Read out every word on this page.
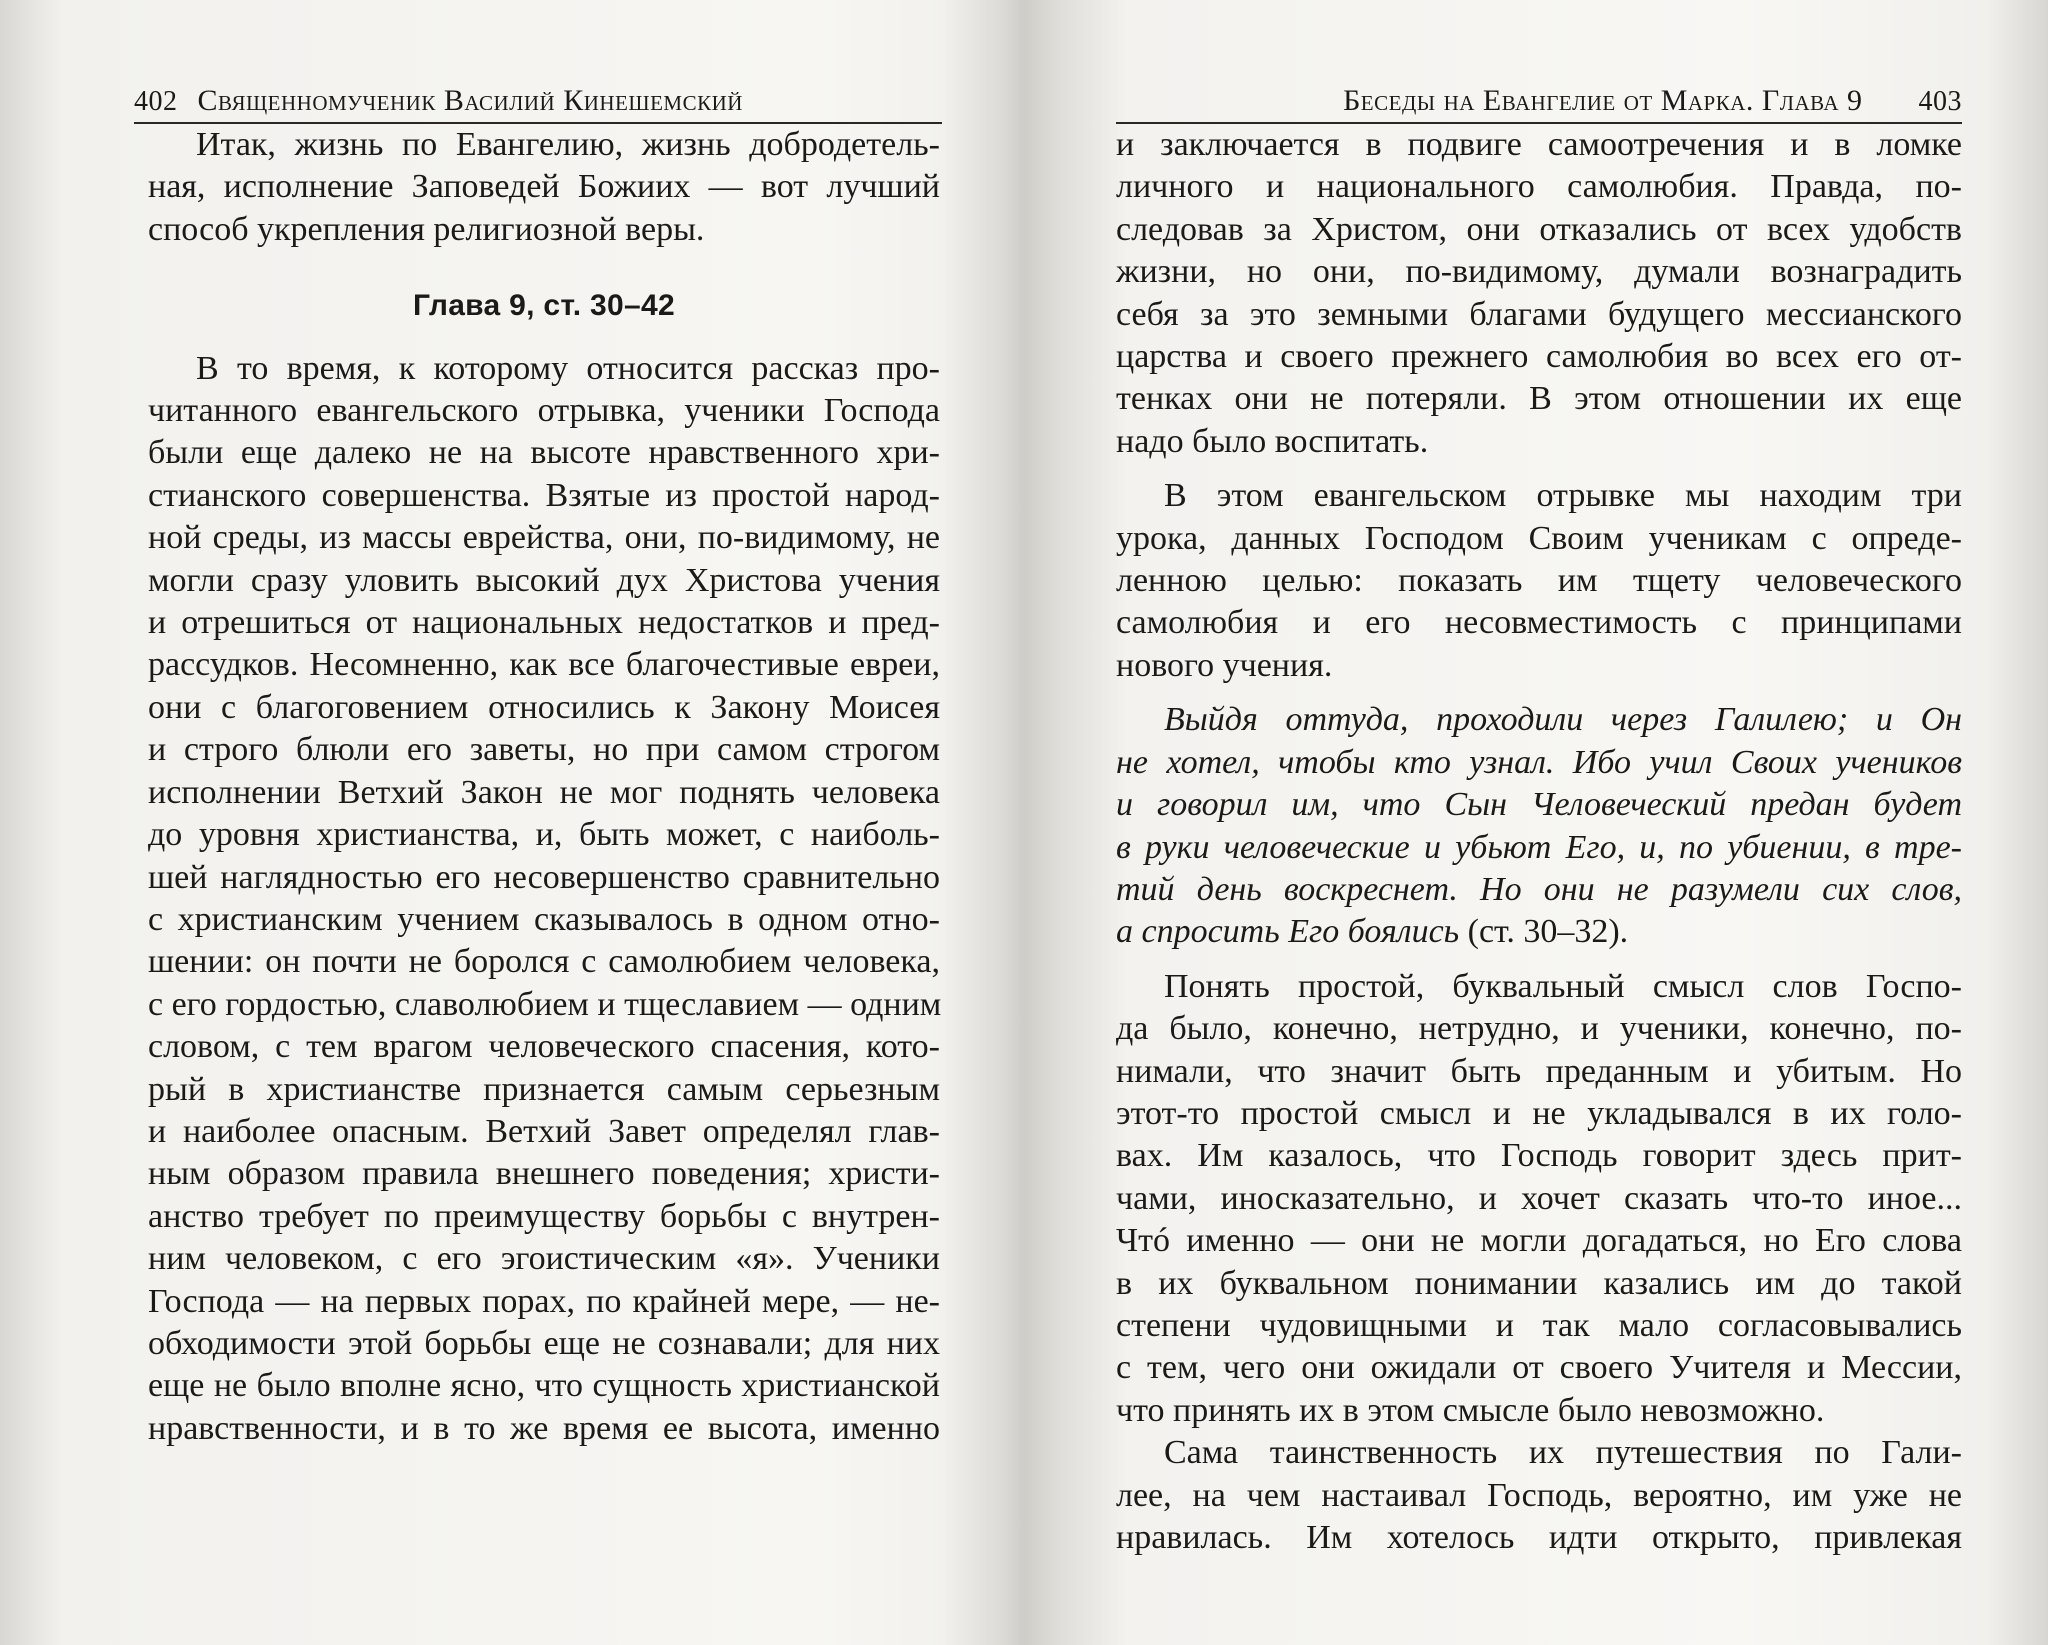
402 Священномученик Василий Кинешемский
Итак, жизнь по Евангелию, жизнь добродетель-
ная, исполнение Заповедей Божиих — вот лучший
способ укрепления религиозной веры.
Глава 9, ст. 30–42
В то время, к которому относится рассказ про-
читанного евангельского отрывка, ученики Господа
были еще далеко не на высоте нравственного хри-
стианского совершенства. Взятые из простой народ-
ной среды, из массы еврейства, они, по-видимому, не
могли сразу уловить высокий дух Христова учения
и отрешиться от национальных недостатков и пред-
рассудков. Несомненно, как все благочестивые евреи,
они с благоговением относились к Закону Моисея
и строго блюли его заветы, но при самом строгом
исполнении Ветхий Закон не мог поднять человека
до уровня христианства, и, быть может, с наиболь-
шей наглядностью его несовершенство сравнительно
с христианским учением сказывалось в одном отно-
шении: он почти не боролся с самолюбием человека,
с его гордостью, славолюбием и тщеславием — одним
словом, с тем врагом человеческого спасения, кото-
рый в христианстве признается самым серьезным
и наиболее опасным. Ветхий Завет определял глав-
ным образом правила внешнего поведения; христи-
анство требует по преимуществу борьбы с внутрен-
ним человеком, с его эгоистическим «я». Ученики
Господа — на первых порах, по крайней мере, — не-
обходимости этой борьбы еще не сознавали; для них
еще не было вполне ясно, что сущность христианской
нравственности, и в то же время ее высота, именно
Беседы на Евангелие от Марка. Глава 9 403
и заключается в подвиге самоотречения и в ломке
личного и национального самолюбия. Правда, по-
следовав за Христом, они отказались от всех удобств
жизни, но они, по-видимому, думали вознаградить
себя за это земными благами будущего мессианского
царства и своего прежнего самолюбия во всех его от-
тенках они не потеряли. В этом отношении их еще
надо было воспитать.
В этом евангельском отрывке мы находим три
урока, данных Господом Своим ученикам с опреде-
ленною целью: показать им тщету человеческого
самолюбия и его несовместимость с принципами
нового учения.
Выйдя оттуда, проходили через Галилею; и Он
не хотел, чтобы кто узнал. Ибо учил Своих учеников
и говорил им, что Сын Человеческий предан будет
в руки человеческие и убьют Его, и, по убиении, в тре-
тий день воскреснет. Но они не разумели сих слов,
а спросить Его боялись (ст. 30–32).
Понять простой, буквальный смысл слов Госпо-
да было, конечно, нетрудно, и ученики, конечно, по-
нимали, что значит быть преданным и убитым. Но
этот-то простой смысл и не укладывался в их голо-
вах. Им казалось, что Господь говорит здесь прит-
чами, иносказательно, и хочет сказать что-то иное...
Чтó именно — они не могли догадаться, но Его слова
в их буквальном понимании казались им до такой
степени чудовищными и так мало согласовывались
с тем, чего они ожидали от своего Учителя и Мессии,
что принять их в этом смысле было невозможно.
Сама таинственность их путешествия по Гали-
лее, на чем настаивал Господь, вероятно, им уже не
нравилась. Им хотелось идти открыто, привлекая
